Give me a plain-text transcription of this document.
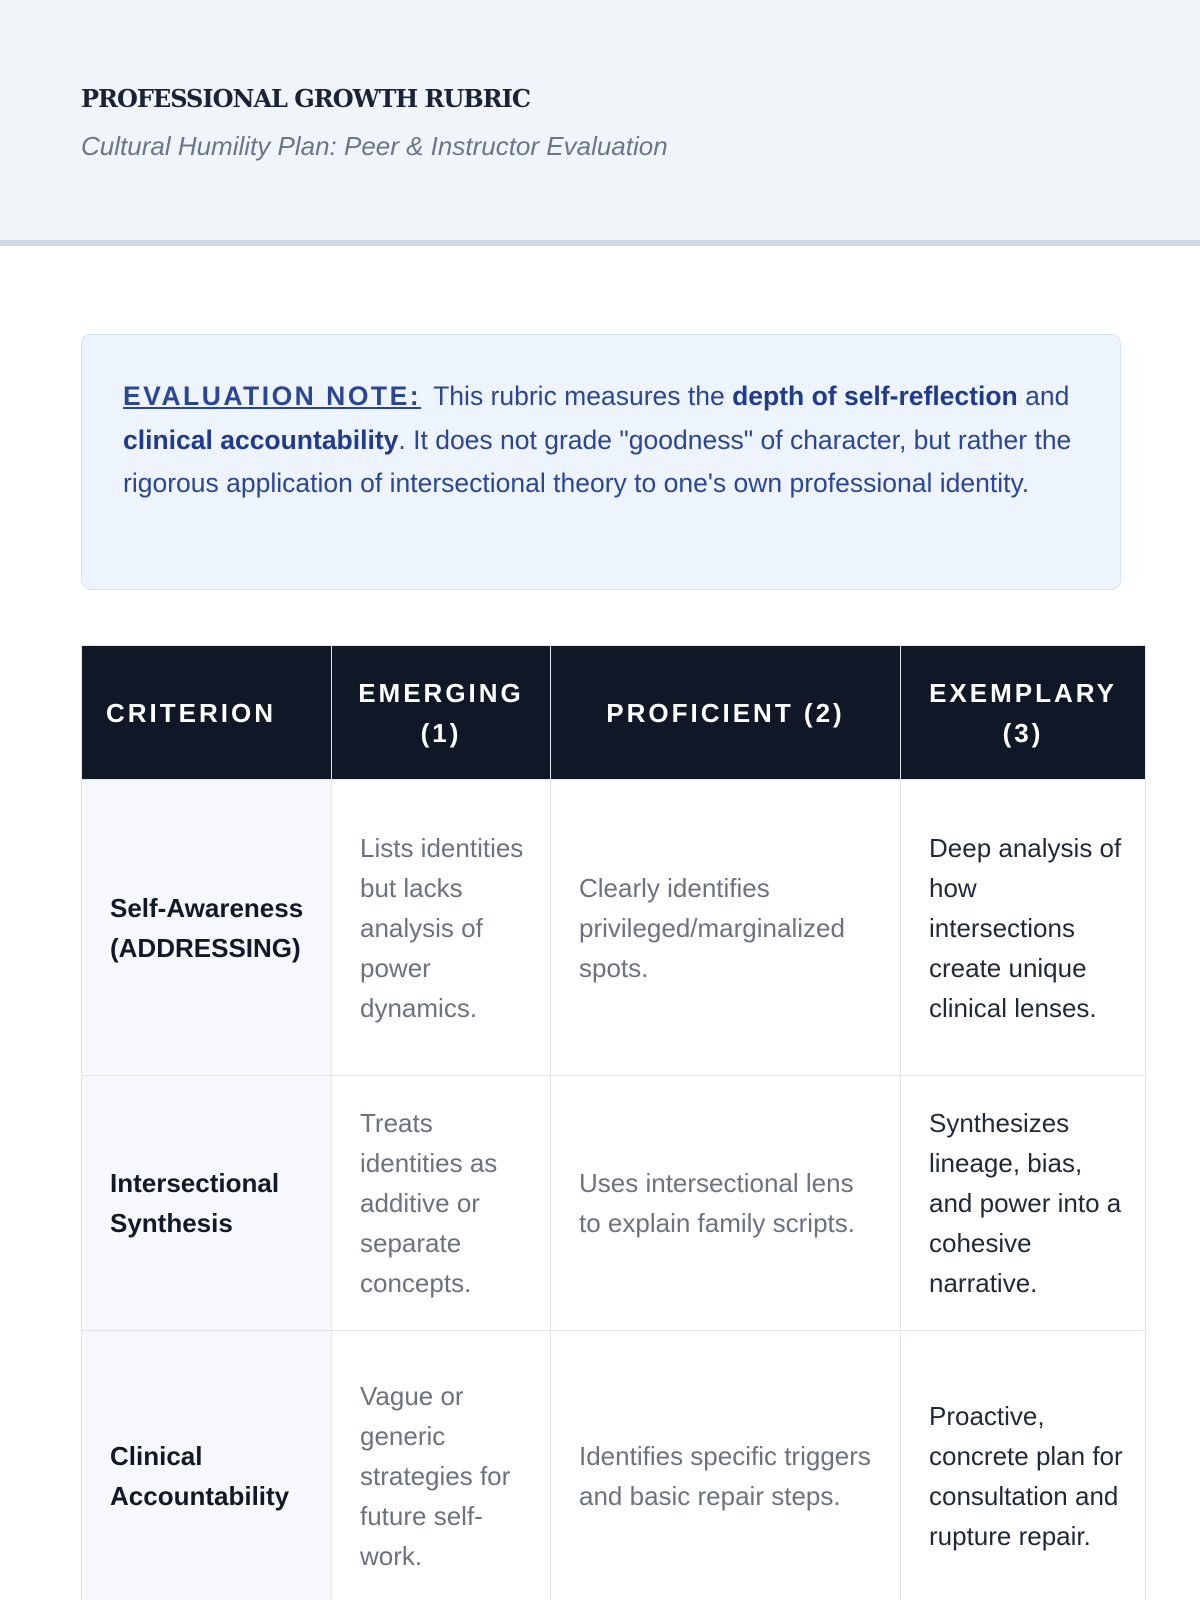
PROFESSIONAL GROWTH RUBRIC

Cultural Humility Plan: Peer & Instructor Evaluation

EVALUATION NOTE: This rubric measures the depth of self-reflection and clinical accountability. It does not grade "goodness" of character, but rather the rigorous application of intersectional theory to one's own professional identity.

CRITERION	EMERGING (1)	PROFICIENT (2)	EXEMPLARY (3)
Self-Awareness (ADDRESSING)	Lists identities but lacks analysis of power dynamics.	Clearly identifies privileged/marginalized spots.	Deep analysis of how intersections create unique clinical lenses.
Intersectional Synthesis	Treats identities as additive or separate concepts.	Uses intersectional lens to explain family scripts.	Synthesizes lineage, bias, and power into a cohesive narrative.
Clinical Accountability	Vague or generic strategies for future self-work.	Identifies specific triggers and basic repair steps.	Proactive, concrete plan for consultation and rupture repair.
